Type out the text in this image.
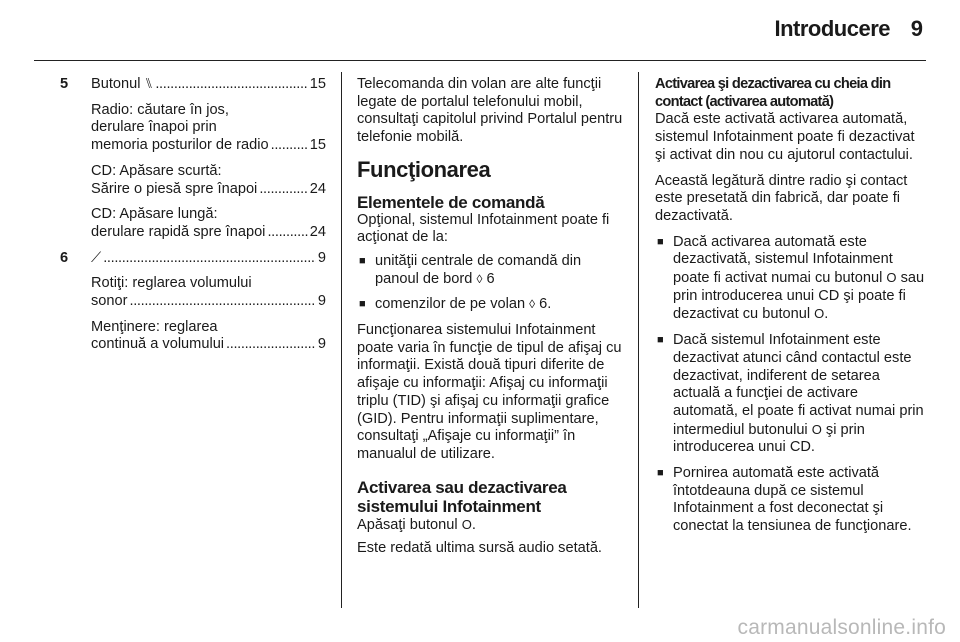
Introducere 9
5 Butonul ⑊ . . .	15

Radio: căutare în jos,
derulare înapoi prin
memoria posturilor de radio . . .	15
CD: Apăsare scurtă:
Sărire o piesă spre înapoi . . .	24
CD: Apăsare lungă:
derulare rapidă spre înapoi . . .	24
6 ⟋ . . .	9

Rotiţi: reglarea volumului
sonor . . .	9
Menţinere: reglarea
continuă a volumului . . .	9

Telecomanda din volan are alte funcţii legate de portalul telefonului mobil, consultaţi capitolul privind Portalul pentru telefonie mobilă.

Funcţionarea
Elementele de comandă

Opţional, sistemul Infotainment poate fi acţionat de la:

■ unităţii centrale de comandă din panoul de bord ◊ 6
■ comenzilor de pe volan ◊ 6.

Funcţionarea sistemului Infotainment poate varia în funcţie de tipul de afişaj cu informaţii. Există două tipuri diferite de afişaje cu informaţii: Afişaj cu informaţii triplu (TID) şi afişaj cu informaţii grafice (GID). Pentru informaţii suplimentare, consultaţi „Afişaje cu informaţii” în manualul de utilizare.

Activarea sau dezactivarea sistemului Infotainment

Apăsaţi butonul O.

Este redată ultima sursă audio setată.

Activarea şi dezactivarea cu cheia din contact (activarea automată)

Dacă este activată activarea automată, sistemul Infotainment poate fi dezactivat şi activat din nou cu ajutorul contactului.

Această legătură dintre radio şi contact este presetată din fabrică, dar poate fi dezactivată.

■ Dacă activarea automată este dezactivată, sistemul Infotainment poate fi activat numai cu butonul O sau prin introducerea unui CD şi poate fi dezactivat cu butonul O.
■ Dacă sistemul Infotainment este dezactivat atunci când contactul este dezactivat, indiferent de setarea actuală a funcţiei de activare automată, el poate fi activat numai prin intermediul butonului O şi prin introducerea unui CD.
■ Pornirea automată este activată întotdeauna după ce sistemul Infotainment a fost deconectat şi conectat la tensiunea de funcţionare.
carmanualsonline.info
